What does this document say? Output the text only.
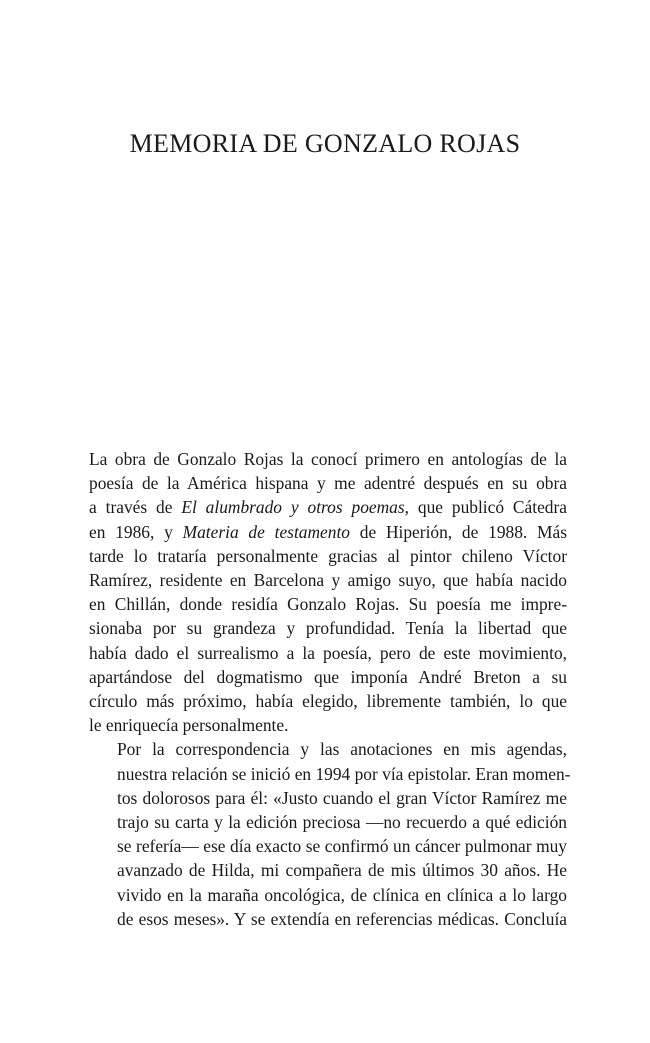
MEMORIA DE GONZALO ROJAS

La obra de Gonzalo Rojas la conocí primero en antologías de la
poesía de la América hispana y me adentré después en su obra
a través de El alumbrado y otros poemas, que publicó Cátedra
en 1986, y Materia de testamento de Hiperión, de 1988. Más
tarde lo trataría personalmente gracias al pintor chileno Víctor
Ramírez, residente en Barcelona y amigo suyo, que había nacido
en Chillán, donde residía Gonzalo Rojas. Su poesía me impre-
sionaba por su grandeza y profundidad. Tenía la libertad que
había dado el surrealismo a la poesía, pero de este movimiento,
apartándose del dogmatismo que imponía André Breton a su
círculo más próximo, había elegido, libremente también, lo que
le enriquecía personalmente.

Por la correspondencia y las anotaciones en mis agendas,
nuestra relación se inició en 1994 por vía epistolar. Eran momen-
tos dolorosos para él: «Justo cuando el gran Víctor Ramírez me
trajo su carta y la edición preciosa —no recuerdo a qué edición
se refería— ese día exacto se confirmó un cáncer pulmonar muy
avanzado de Hilda, mi compañera de mis últimos 30 años. He
vivido en la maraña oncológica, de clínica en clínica a lo largo
de esos meses». Y se extendía en referencias médicas. Concluía
